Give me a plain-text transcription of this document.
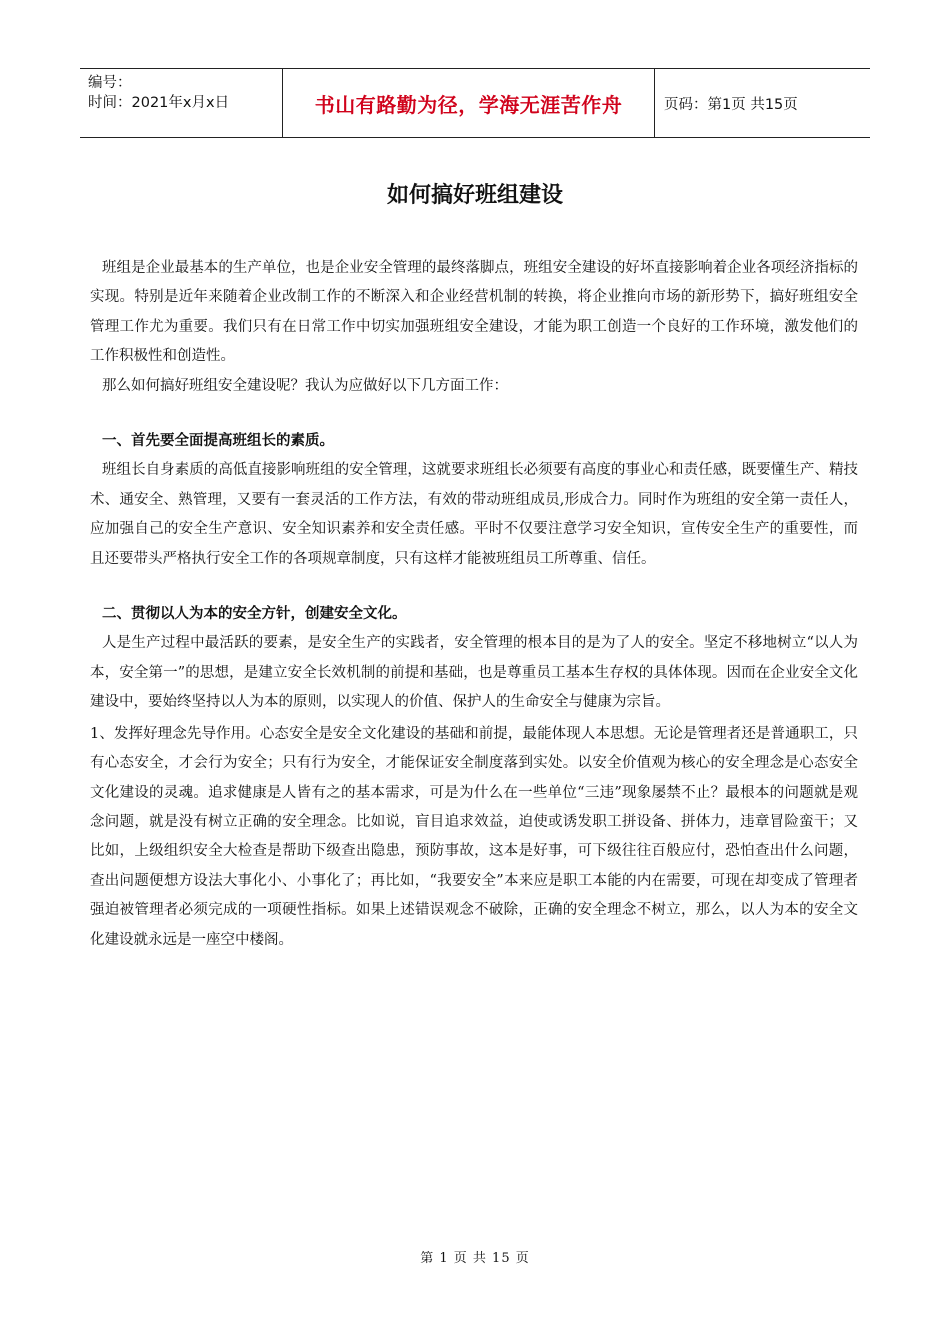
编号：
时间：2021年x月x日	书山有路勤为径，学海无涯苦作舟	页码：第1页 共15页
如何搞好班组建设

班组是企业最基本的生产单位，也是企业安全管理的最终落脚点，班组安全建设的好坏直接影响着企业各项经济指标的实现。特别是近年来随着企业改制工作的不断深入和企业经营机制的转换，将企业推向市场的新形势下，搞好班组安全管理工作尤为重要。我们只有在日常工作中切实加强班组安全建设，才能为职工创造一个良好的工作环境，激发他们的工作积极性和创造性。

那么如何搞好班组安全建设呢？我认为应做好以下几方面工作：

一、首先要全面提高班组长的素质。

班组长自身素质的高低直接影响班组的安全管理，这就要求班组长必须要有高度的事业心和责任感，既要懂生产、精技术、通安全、熟管理，又要有一套灵活的工作方法，有效的带动班组成员,形成合力。同时作为班组的安全第一责任人，应加强自己的安全生产意识、安全知识素养和安全责任感。平时不仅要注意学习安全知识，宣传安全生产的重要性，而且还要带头严格执行安全工作的各项规章制度，只有这样才能被班组员工所尊重、信任。

二、贯彻以人为本的安全方针，创建安全文化。

人是生产过程中最活跃的要素，是安全生产的实践者，安全管理的根本目的是为了人的安全。坚定不移地树立“以人为本，安全第一”的思想，是建立安全长效机制的前提和基础，也是尊重员工基本生存权的具体体现。因而在企业安全文化建设中，要始终坚持以人为本的原则，以实现人的价值、保护人的生命安全与健康为宗旨。

1、发挥好理念先导作用。心态安全是安全文化建设的基础和前提，最能体现人本思想。无论是管理者还是普通职工，只有心态安全，才会行为安全；只有行为安全，才能保证安全制度落到实处。以安全价值观为核心的安全理念是心态安全文化建设的灵魂。追求健康是人皆有之的基本需求，可是为什么在一些单位“三违”现象屡禁不止？最根本的问题就是观念问题，就是没有树立正确的安全理念。比如说，盲目追求效益，迫使或诱发职工拼设备、拼体力，违章冒险蛮干；又比如，上级组织安全大检查是帮助下级查出隐患，预防事故，这本是好事，可下级往往百般应付，恐怕查出什么问题，查出问题便想方设法大事化小、小事化了；再比如，“我要安全”本来应是职工本能的内在需要，可现在却变成了管理者强迫被管理者必须完成的一项硬性指标。如果上述错误观念不破除，正确的安全理念不树立，那么，以人为本的安全文化建设就永远是一座空中楼阁。

第 1 页 共 15 页
